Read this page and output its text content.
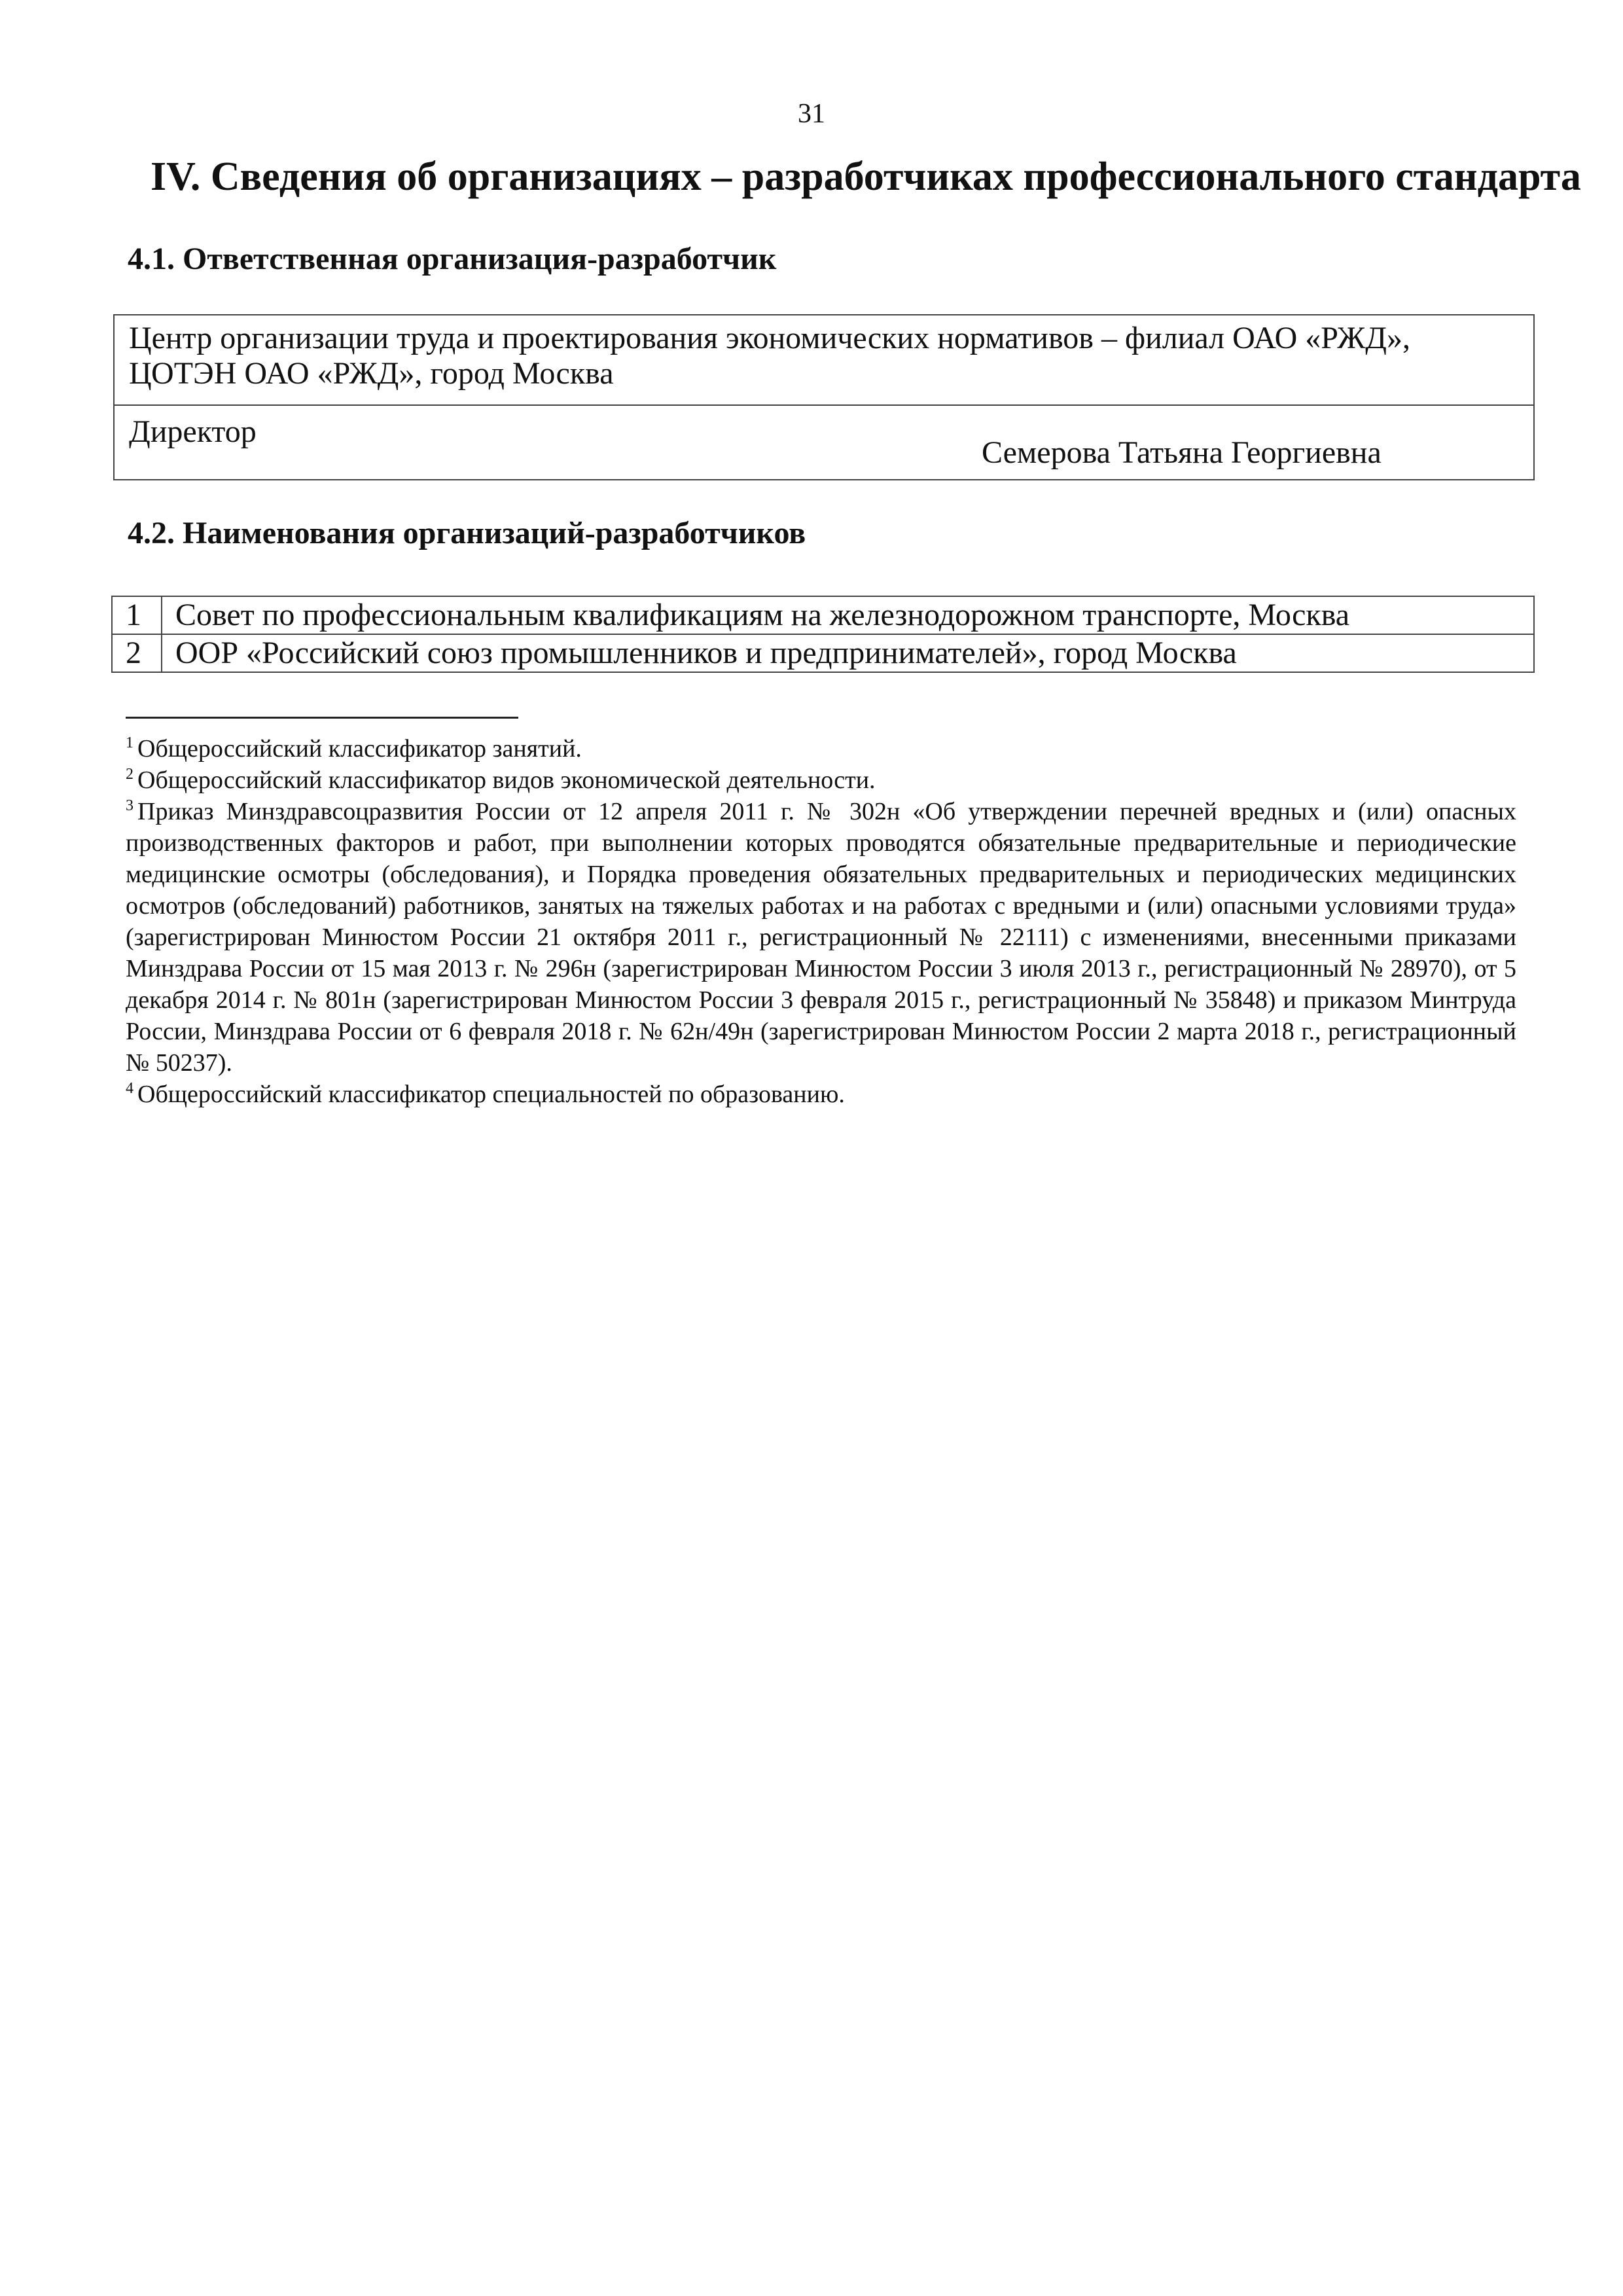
31
IV. Сведения об организациях – разработчиках профессионального стандарта
4.1. Ответственная организация-разработчик
Центр организации труда и проектирования экономических нормативов – филиал ОАО «РЖД»,
ЦОТЭН ОАО «РЖД», город Москва

Директор
Семерова Татьяна Георгиевна
4.2. Наименования организаций-разработчиков
1	Совет по профессиональным квалификациям на железнодорожном транспорте, Москва
2	ООР «Российский союз промышленников и предпринимателей», город Москва

$^1$ Общероссийский классификатор занятий.

$^2$ Общероссийский классификатор видов экономической деятельности.

$^3$ Приказ Минздравсоцразвития России от 12 апреля 2011 г. № 302н «Об утверждении перечней вредных и (или) опасных производственных факторов и работ, при выполнении которых проводятся обязательные предварительные и периодические медицинские осмотры (обследования), и Порядка проведения обязательных предварительных и периодических медицинских осмотров (обследований) работников, занятых на тяжелых работах и на работах с вредными и (или) опасными условиями труда» (зарегистрирован Минюстом России 21 октября 2011 г., регистрационный № 22111) с изменениями, внесенными приказами Минздрава России от 15 мая 2013 г. № 296н (зарегистрирован Минюстом России 3 июля 2013 г., регистрационный № 28970), от 5 декабря 2014 г. № 801н (зарегистрирован Минюстом России 3 февраля 2015 г., регистрационный № 35848) и приказом Минтруда России, Минздрава России от 6 февраля 2018 г. № 62н/49н (зарегистрирован Минюстом России 2 марта 2018 г., регистрационный № 50237).

$^4$ Общероссийский классификатор специальностей по образованию.
